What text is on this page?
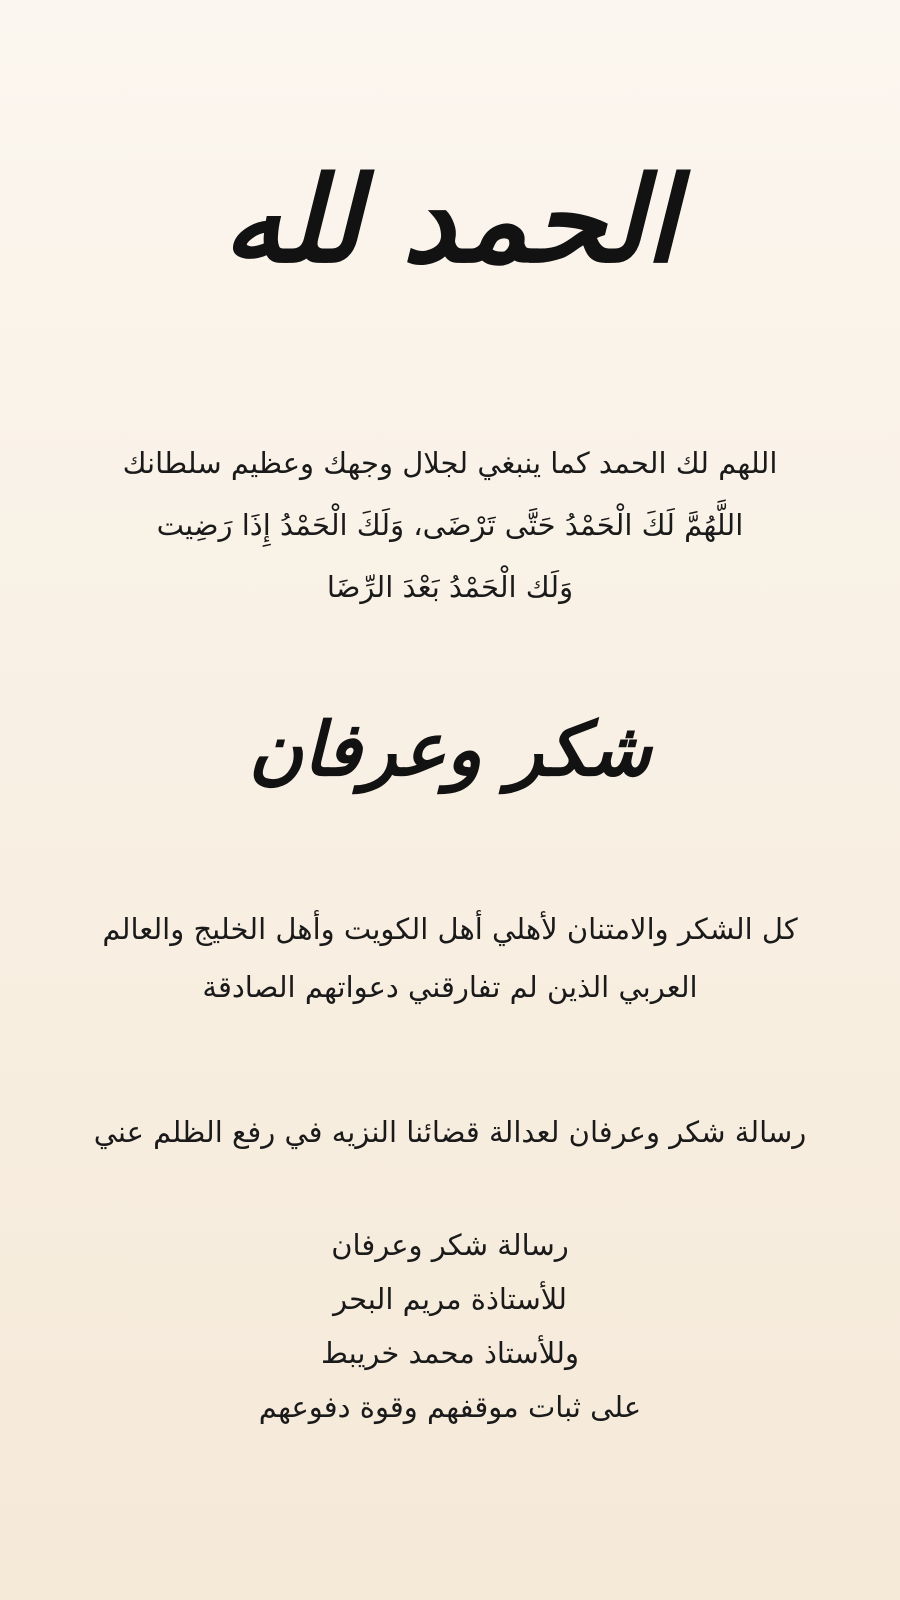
الحمد لله
اللهم لك الحمد كما ينبغي لجلال وجهك وعظيم سلطانك
اللَّهُمَّ لَكَ الْحَمْدُ حَتَّى تَرْضَى، وَلَكَ الْحَمْدُ إِذَا رَضِيت
وَلَك الْحَمْدُ بَعْدَ الرِّضَا
شكر وعرفان
كل الشكر والامتنان لأهلي أهل الكويت وأهل الخليج والعالم
العربي الذين لم تفارقني دعواتهم الصادقة
رسالة شكر وعرفان لعدالة قضائنا النزيه في رفع الظلم عني
رسالة شكر وعرفان
للأستاذة مريم البحر
وللأستاذ محمد خريبط
على ثبات موقفهم وقوة دفوعهم
